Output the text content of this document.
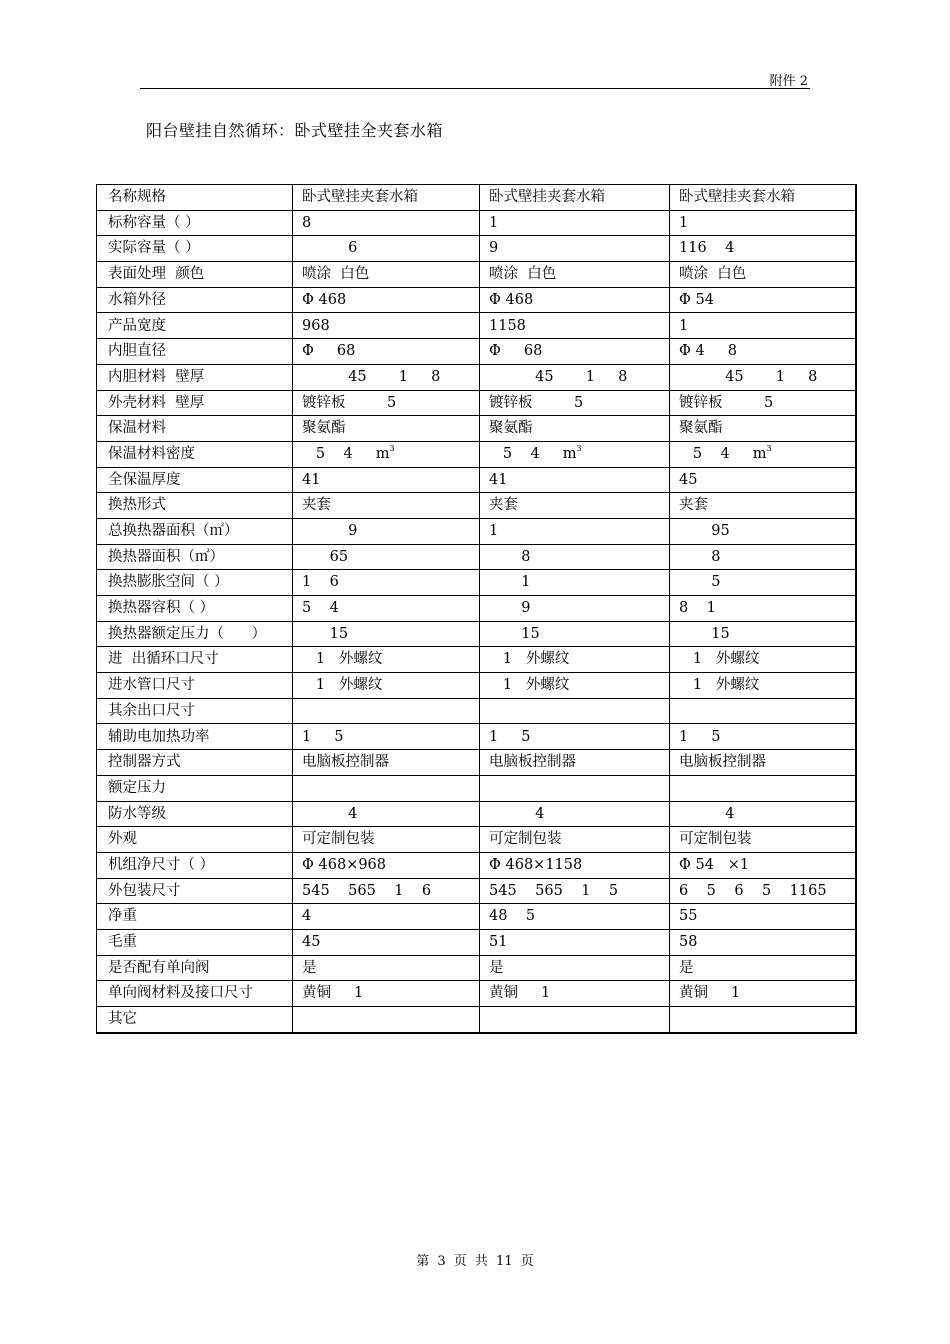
附件 2
阳台壁挂自然循环：卧式壁挂全夹套水箱
名称规格	卧式壁挂夹套水箱	卧式壁挂夹套水箱	卧式壁挂夹套水箱
标称容量（ ）	8	1	1
实际容量（ ）	6	9	116    4
表面处理  颜色	喷涂  白色	喷涂  白色	喷涂  白色
水箱外径	Φ 468	Φ 468	Φ 54
产品宽度	968	1158	1
内胆直径	Φ     68	Φ     68	Φ 4     8
内胆材料  壁厚	45       1     8	45       1     8	45       1     8
外壳材料  壁厚	镀锌板         5	镀锌板         5	镀锌板         5
保温材料	聚氨酯	聚氨酯	聚氨酯
保温材料密度	5    4     $m^3$	5    4     $m^3$	5    4     $m^3$
全保温厚度	41	41	45
换热形式	夹套	夹套	夹套
总换热器面积（㎡）	9	1	95
换热器面积（㎡）	65	8	8
换热膨胀空间（ ）	1    6	1	5
换热器容积（ ）	5    4	9	8    1
换热器额定压力（      ）	15	15	15
进  出循环口尺寸	1   外螺纹	1   外螺纹	1   外螺纹
进水管口尺寸	1   外螺纹	1   外螺纹	1   外螺纹
其余出口尺寸			
辅助电加热功率	1     5	1     5	1     5
控制器方式	电脑板控制器	电脑板控制器	电脑板控制器
额定压力			
防水等级	4	4	4
外观	可定制包装	可定制包装	可定制包装
机组净尺寸（ ）	Φ 468×968	Φ 468×1158	Φ 54   ×1
外包装尺寸	545    565    1    6	545    565    1    5	6    5    6    5    1165
净重	4	48    5	55
毛重	45	51	58
是否配有单向阀	是	是	是
单向阀材料及接口尺寸	黄铜     1	黄铜     1	黄铜     1
其它			
第 3 页 共 11 页
